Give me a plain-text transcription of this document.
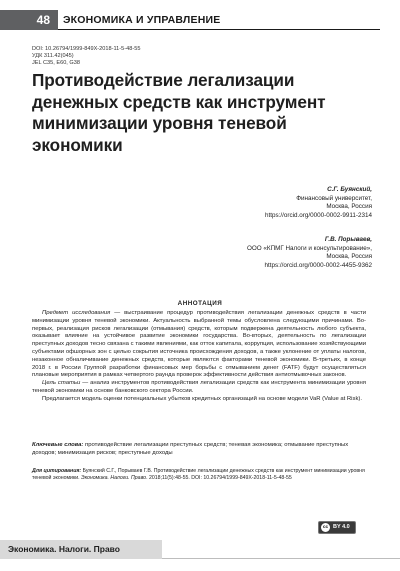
48	ЭКОНОМИКА И УПРАВЛЕНИЕ
DOI: 10.26794/1999-849X-2018-11-5-48-55
УДК 311.42(045)
JEL C35, E60, G38
Противодействие легализации денежных средств как инструмент минимизации уровня теневой экономики
С.Г. Буянский,
Финансовый университет,
Москва, Россия
https://orcid.org/0000-0002-9911-2314
Г.В. Порываев,
ООО «КПМГ Налоги и консультирование»,
Москва, Россия
https://orcid.org/0000-0002-4455-9362
АННОТАЦИЯ

Предмет исследования — выстраивание процедур противодействия легализации денежных средств в части минимизации уровня теневой экономики. Актуальность выбранной темы обусловлена следующими причинами. Во-первых, реализация рисков легализации (отмывания) средств, которым подвержена деятельность любого субъекта, оказывает влияние на устойчивое развитие экономики государства. Во-вторых, деятельность по легализации преступных доходов тесно связана с такими явлениями, как отток капитала, коррупция, использование хозяйствующими субъектами офшорных зон с целью сокрытия источника происхождения доходов, а также уклонение от уплаты налогов, незаконное обналичивание денежных средств, которые являются факторами теневой экономики. В-третьих, в конце 2018 г. в России Группой разработки финансовых мер борьбы с отмыванием денег (FATF) будут осуществляться плановые мероприятия в рамках четвертого раунда проверок эффективности действия антиотмывочных законов.

Цель статьи — анализ инструментов противодействия легализации средств как инструмента минимизации уровня теневой экономики на основе банковского сектора России.

Предлагается модель оценки потенциальных убытков кредитных организаций на основе модели VaR (Value at Risk).

Ключевые слова: противодействие легализации преступных средств; теневая экономика; отмывание преступных доходов; минимизация рисков; преступные доходы
Для цитирования: Буянский С.Г., Порываев Г.В. Противодействие легализации денежных средств как инструмент минимизации уровня теневой экономики. Экономика. Налоги. Право. 2018;11(5):48-55. DOI: 10.26794/1999-849X-2018-11-5-48-55
cc BY 4.0
Экономика. Налоги. Право
